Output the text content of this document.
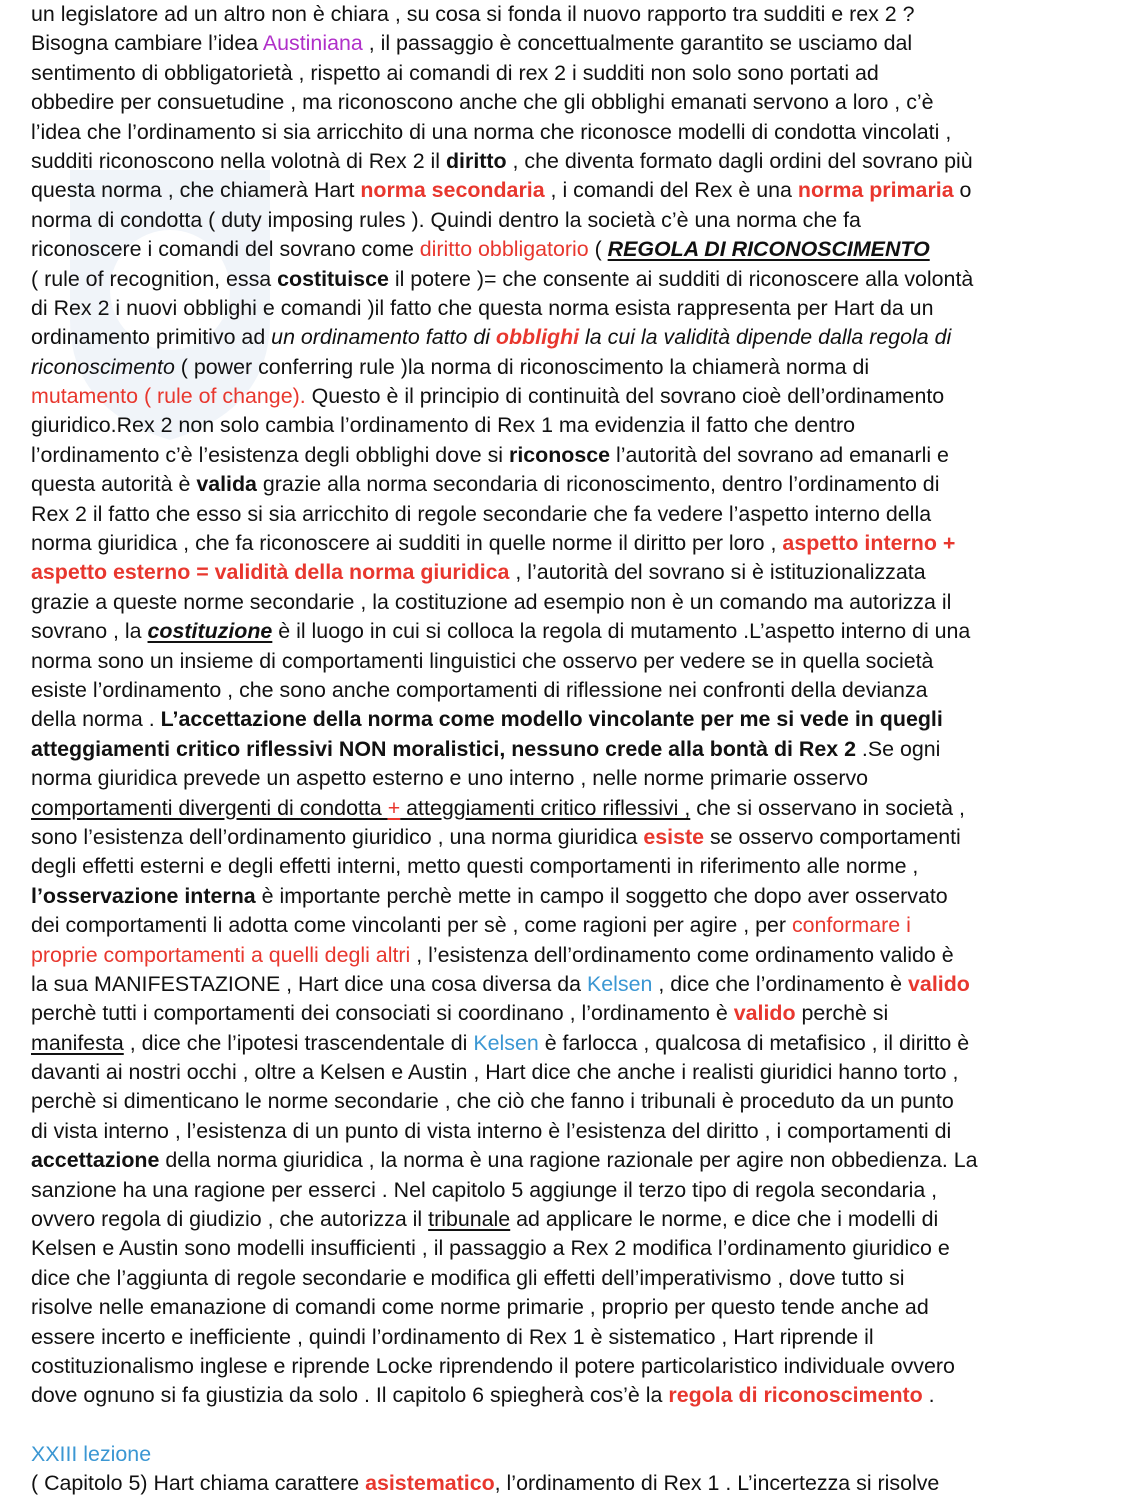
un legislatore ad un altro non è chiara , su cosa si fonda il nuovo rapporto tra sudditi e rex 2 ?
Bisogna cambiare l’idea Austiniana , il passaggio è concettualmente garantito se usciamo dal
sentimento di obbligatorietà , rispetto ai comandi di rex 2 i sudditi non solo sono portati ad
obbedire per consuetudine , ma riconoscono anche che gli obblighi emanati servono a loro , c’è
l’idea che l’ordinamento si sia arricchito di una norma che riconosce modelli di condotta vincolati ,
sudditi riconoscono nella volotnà di Rex 2 il diritto , che diventa formato dagli ordini del sovrano più
questa norma , che chiamerà Hart norma secondaria , i comandi del Rex è una norma primaria o
norma di condotta ( duty imposing rules ). Quindi dentro la società c’è una norma che fa
riconoscere i comandi del sovrano come diritto obbligatorio ( REGOLA DI RICONOSCIMENTO
( rule of recognition, essa costituisce il potere )= che consente ai sudditi di riconoscere alla volontà
di Rex 2 i nuovi obblighi e comandi )il fatto che questa norma esista rappresenta per Hart da un
ordinamento primitivo ad un ordinamento fatto di obblighi la cui la validità dipende dalla regola di
riconoscimento ( power conferring rule )la norma di riconoscimento la chiamerà norma di
mutamento ( rule of change). Questo è il principio di continuità del sovrano cioè dell’ordinamento
giuridico.Rex 2 non solo cambia l’ordinamento di Rex 1 ma evidenzia il fatto che dentro
l’ordinamento c’è l’esistenza degli obblighi dove si riconosce l’autorità del sovrano ad emanarli e
questa autorità è valida grazie alla norma secondaria di riconoscimento, dentro l’ordinamento di
Rex 2 il fatto che esso si sia arricchito di regole secondarie che fa vedere l’aspetto interno della
norma giuridica , che fa riconoscere ai sudditi in quelle norme il diritto per loro , aspetto interno +
aspetto esterno = validità della norma giuridica , l’autorità del sovrano si è istituzionalizzata
grazie a queste norme secondarie , la costituzione ad esempio non è un comando ma autorizza il
sovrano , la costituzione è il luogo in cui si colloca la regola di mutamento .L’aspetto interno di una
norma sono un insieme di comportamenti linguistici che osservo per vedere se in quella società
esiste l’ordinamento , che sono anche comportamenti di riflessione nei confronti della devianza
della norma . L’accettazione della norma come modello vincolante per me si vede in quegli
atteggiamenti critico riflessivi NON moralistici, nessuno crede alla bontà di Rex 2 .Se ogni
norma giuridica prevede un aspetto esterno e uno interno , nelle norme primarie osservo
comportamenti divergenti di condotta + atteggiamenti critico riflessivi , che si osservano in società ,
sono l’esistenza dell’ordinamento giuridico , una norma giuridica esiste se osservo comportamenti
degli effetti esterni e degli effetti interni, metto questi comportamenti in riferimento alle norme ,
l’osservazione interna è importante perchè mette in campo il soggetto che dopo aver osservato
dei comportamenti li adotta come vincolanti per sè , come ragioni per agire , per conformare i
proprie comportamenti a quelli degli altri , l’esistenza dell’ordinamento come ordinamento valido è
la sua MANIFESTAZIONE , Hart dice una cosa diversa da Kelsen , dice che l’ordinamento è valido
perchè tutti i comportamenti dei consociati si coordinano , l’ordinamento è valido perchè si
manifesta , dice che l’ipotesi trascendentale di Kelsen è farlocca , qualcosa di metafisico , il diritto è
davanti ai nostri occhi , oltre a Kelsen e Austin , Hart dice che anche i realisti giuridici hanno torto ,
perchè si dimenticano le norme secondarie , che ciò che fanno i tribunali è proceduto da un punto
di vista interno , l’esistenza di un punto di vista interno è l’esistenza del diritto , i comportamenti di
accettazione della norma giuridica , la norma è una ragione razionale per agire non obbedienza. La
sanzione ha una ragione per esserci . Nel capitolo 5 aggiunge il terzo tipo di regola secondaria ,
ovvero regola di giudizio , che autorizza il tribunale ad applicare le norme, e dice che i modelli di
Kelsen e Austin sono modelli insufficienti , il passaggio a Rex 2 modifica l’ordinamento giuridico e
dice che l’aggiunta di regole secondarie e modifica gli effetti dell’imperativismo , dove tutto si
risolve nelle emanazione di comandi come norme primarie , proprio per questo tende anche ad
essere incerto e inefficiente , quindi l’ordinamento di Rex 1 è sistematico , Hart riprende il
costituzionalismo inglese e riprende Locke riprendendo il potere particolaristico individuale ovvero
dove ognuno si fa giustizia da solo . Il capitolo 6 spiegherà cos’è la regola di riconoscimento .
XXIII lezione
( Capitolo 5) Hart chiama carattere asistematico, l’ordinamento di Rex 1 . L’incertezza si risolve
